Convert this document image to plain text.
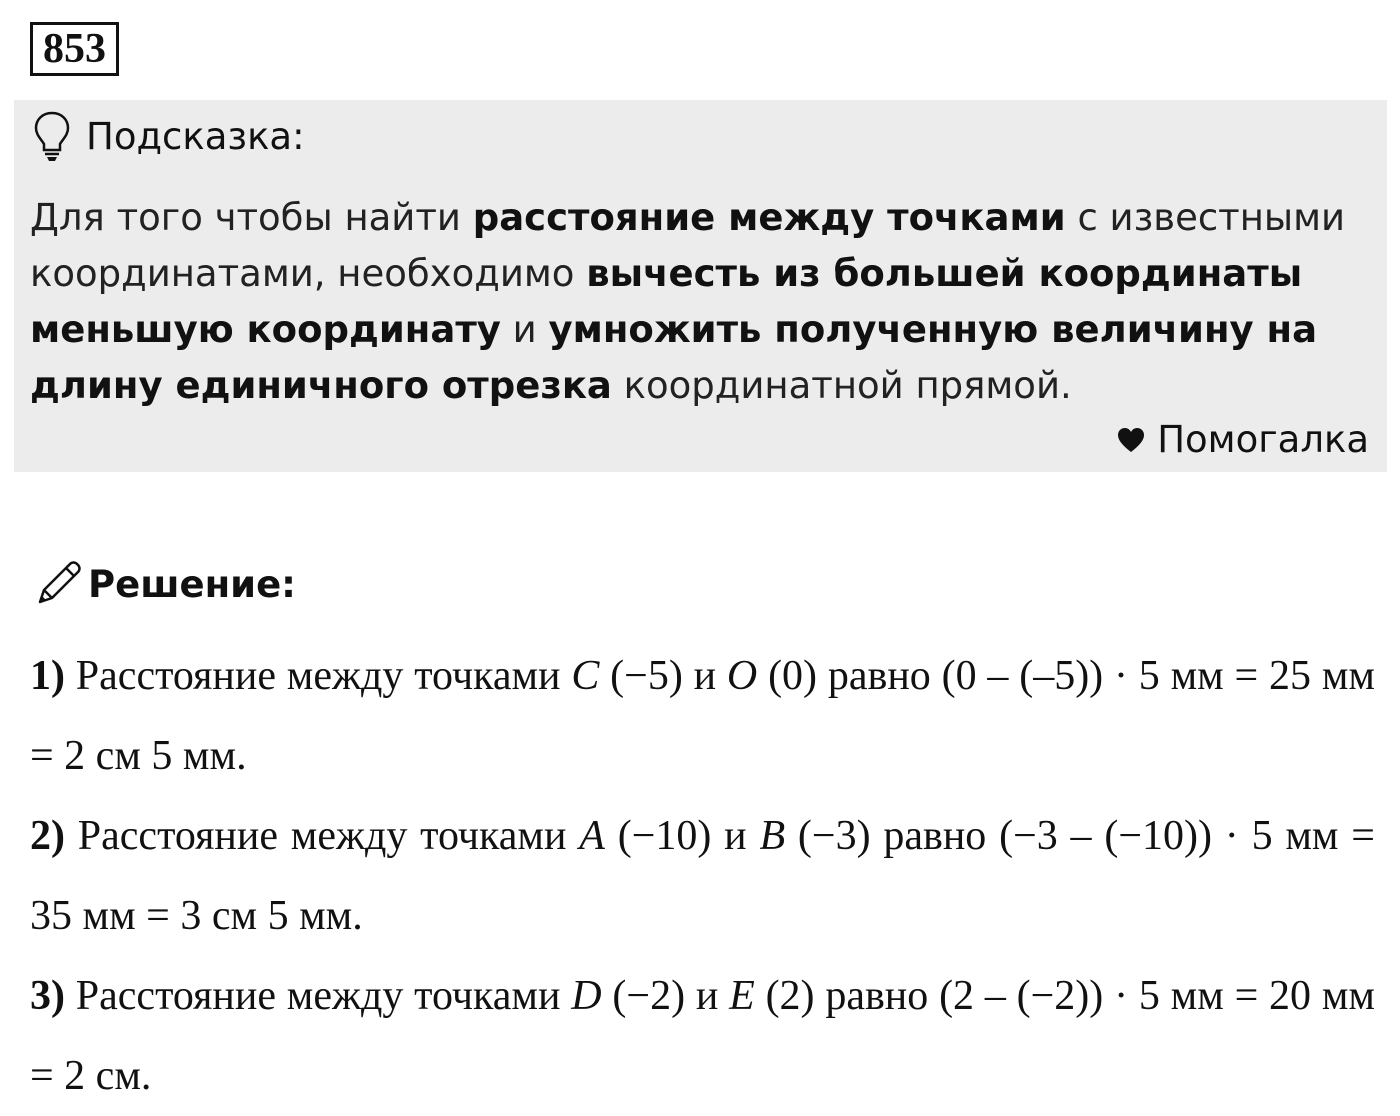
853
Подсказка:
Для того чтобы найти расстояние между точками с известными координатами, необходимо вычесть из большей координаты меньшую координату и умножить полученную величину на длину единичного отрезка координатной прямой.
Помогалка
Решение:

1) Расстояние между точками C (−5) и O (0) равно (0 – (–5)) · 5 мм = 25 мм = 2 см 5 мм.

2) Расстояние между точками A (−10) и B (−3) равно (−3 – (−10)) · 5 мм = 35 мм = 3 см 5 мм.

3) Расстояние между точками D (−2) и E (2) равно (2 – (−2)) · 5 мм = 20 мм = 2 см.
